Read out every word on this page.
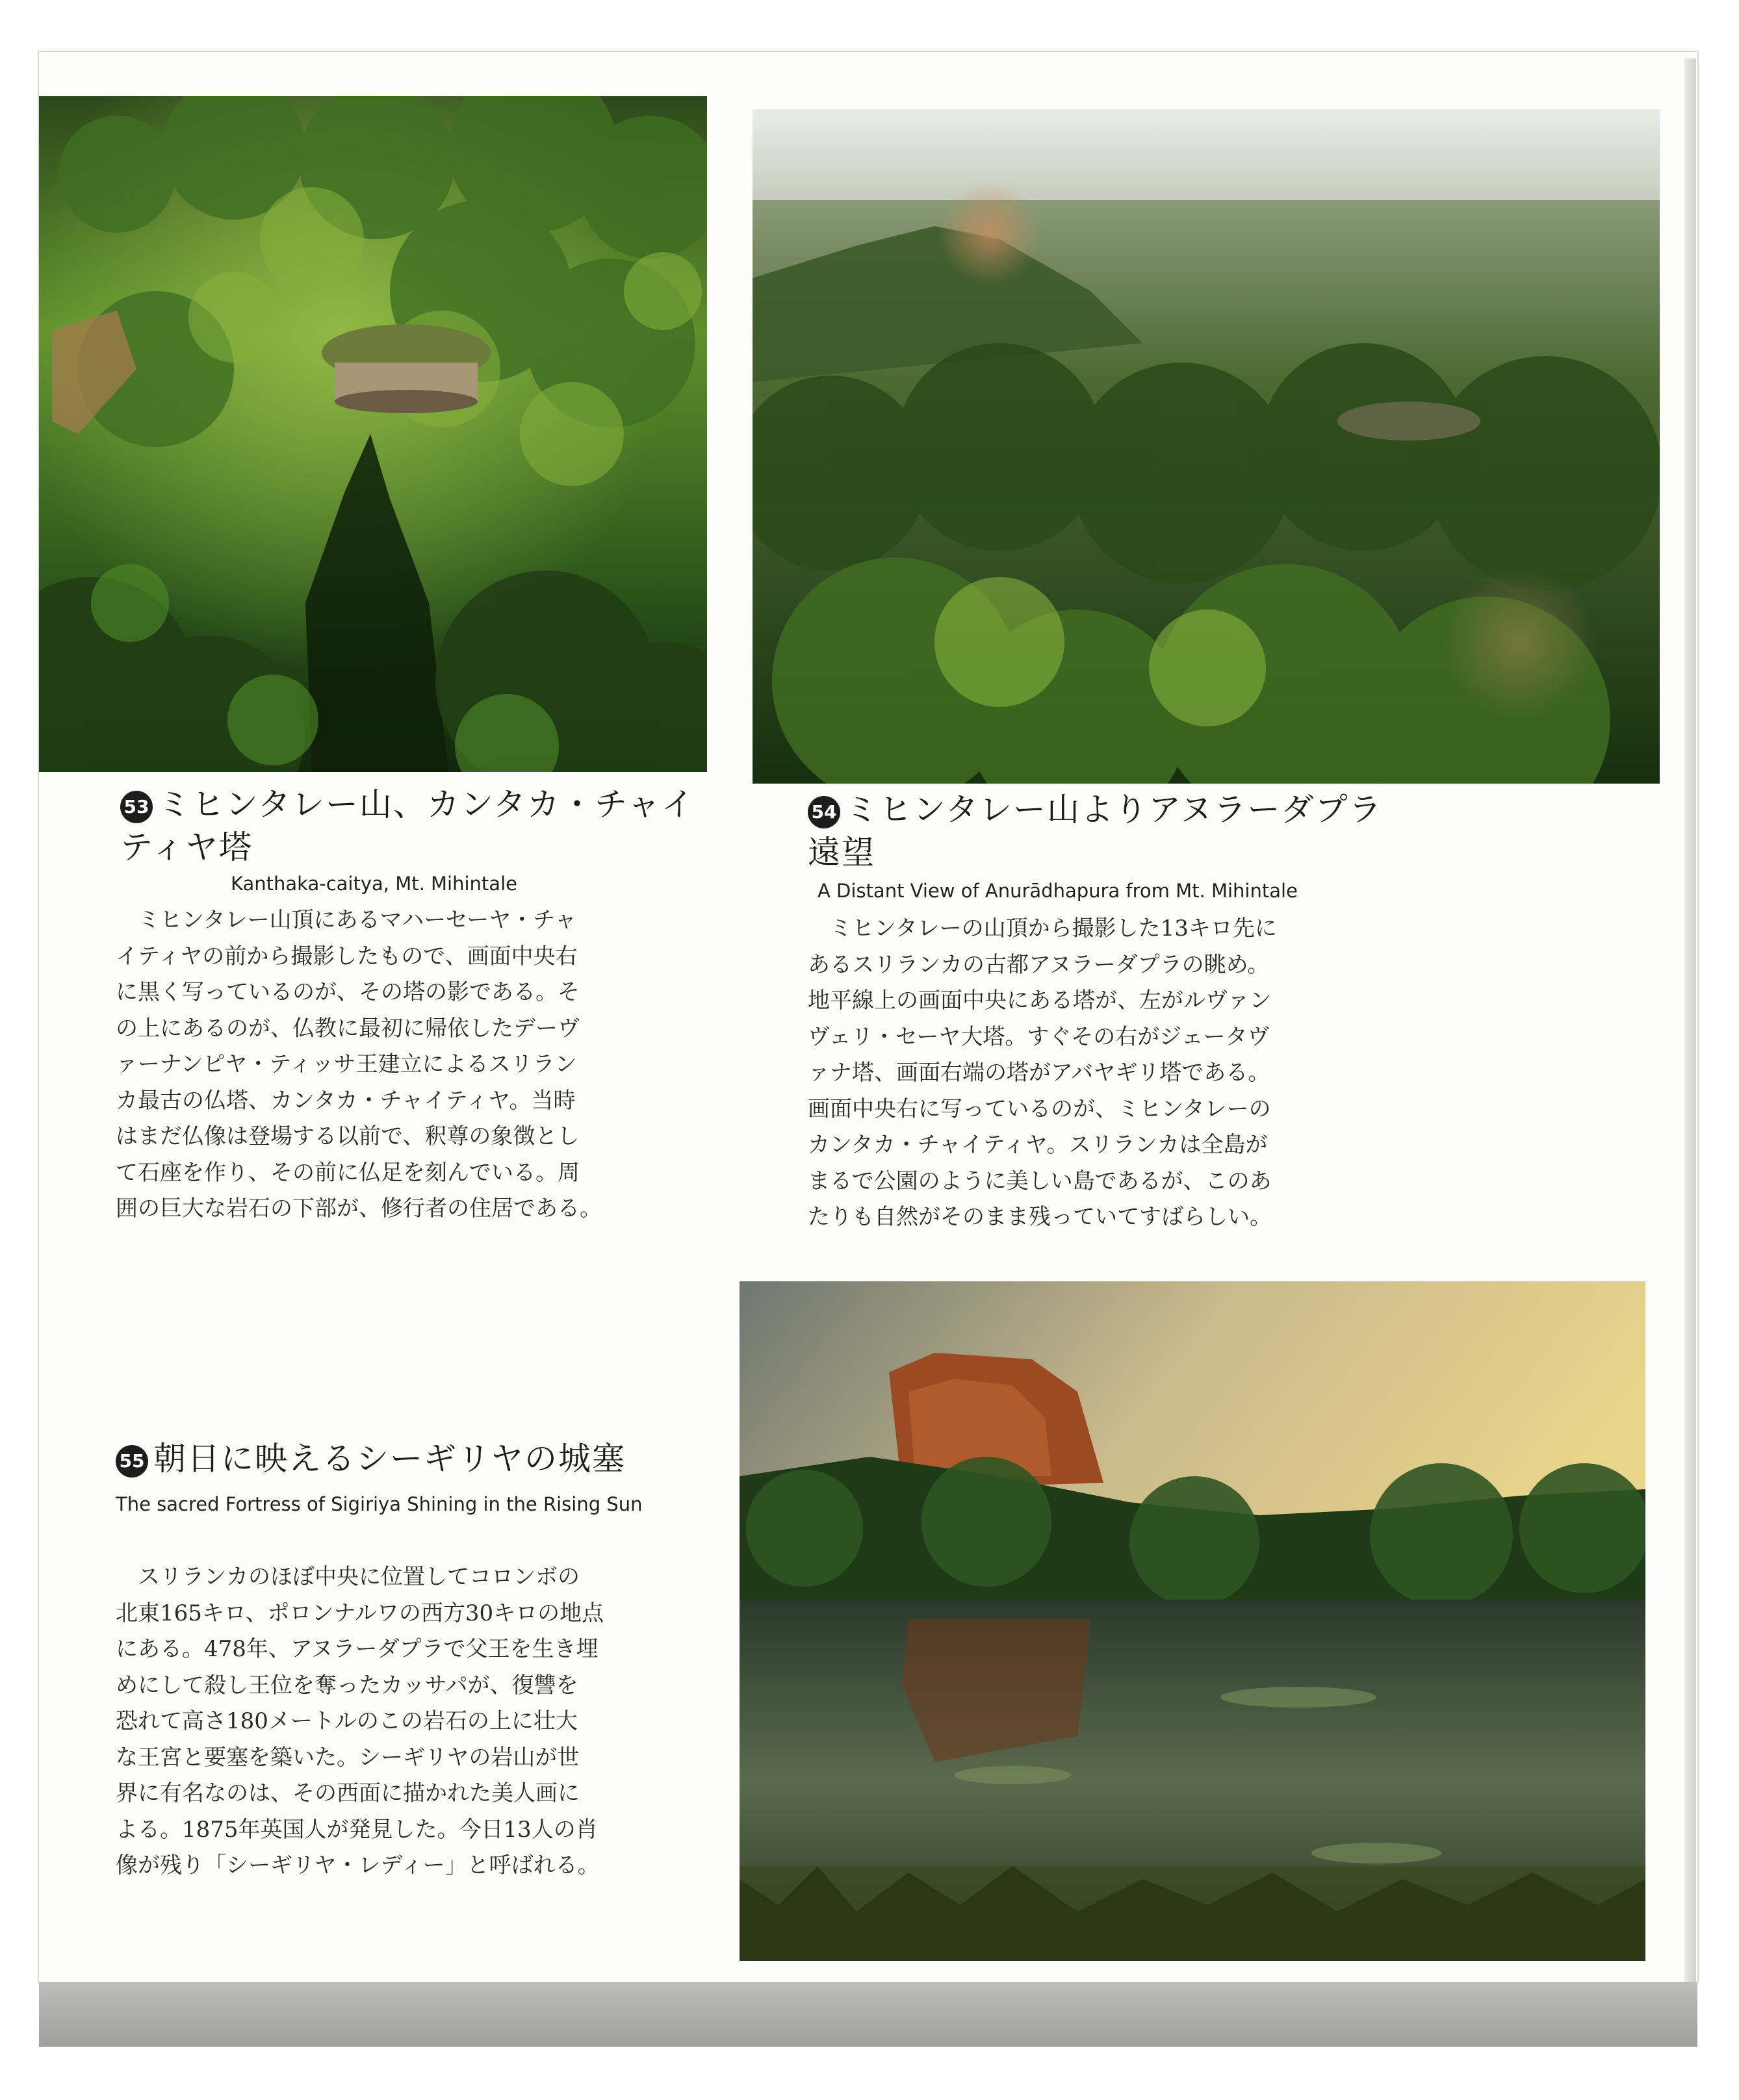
53 ミヒンタレー山、カンタカ・チャイティヤ塔

Kanthaka-caitya, Mt. Mihintale

　ミヒンタレー山頂にあるマハーセーヤ・チャ
イティヤの前から撮影したもので、画面中央右
に黒く写っているのが、その塔の影である。そ
の上にあるのが、仏教に最初に帰依したデーヴ
ァーナンピヤ・ティッサ王建立によるスリラン
カ最古の仏塔、カンタカ・チャイティヤ。当時
はまだ仏像は登場する以前で、釈尊の象徴とし
て石座を作り、その前に仏足を刻んでいる。周
囲の巨大な岩石の下部が、修行者の住居である。
54 ミヒンタレー山よりアヌラーダプラ遠望

A Distant View of Anurādhapura from Mt. Mihintale

　ミヒンタレーの山頂から撮影した13キロ先に
あるスリランカの古都アヌラーダプラの眺め。
地平線上の画面中央にある塔が、左がルヴァン
ヴェリ・セーヤ大塔。すぐその右がジェータヴ
ァナ塔、画面右端の塔がアバヤギリ塔である。
画面中央右に写っているのが、ミヒンタレーの
カンタカ・チャイティヤ。スリランカは全島が
まるで公園のように美しい島であるが、このあ
たりも自然がそのまま残っていてすばらしい。
55 朝日に映えるシーギリヤの城塞

The sacred Fortress of Sigiriya Shining in the Rising Sun

　スリランカのほぼ中央に位置してコロンボの
北東165キロ、ポロンナルワの西方30キロの地点
にある。478年、アヌラーダプラで父王を生き埋
めにして殺し王位を奪ったカッサパが、復讐を
恐れて高さ180メートルのこの岩石の上に壮大
な王宮と要塞を築いた。シーギリヤの岩山が世
界に有名なのは、その西面に描かれた美人画に
よる。1875年英国人が発見した。今日13人の肖
像が残り「シーギリヤ・レディー」と呼ばれる。
